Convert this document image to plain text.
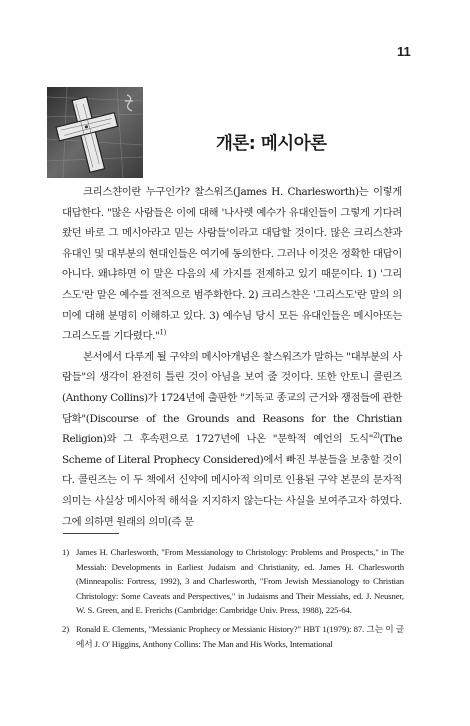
11
개론: 메시아론

크리스챤이란 누구인가? 찰스워즈(James H. Charlesworth)는 이렇게 대답한다. "많은 사람들은 이에 대해 '나사렛 예수가 유대인들이 그렇게 기다려 왔던 바로 그 메시아라고 믿는 사람들'이라고 대답할 것이다. 많은 크리스챤과 유대인 및 대부분의 현대인들은 여기에 동의한다. 그러나 이것은 정확한 대답이 아니다. 왜냐하면 이 말은 다음의 세 가지를 전제하고 있기 때문이다. 1) '그리스도'란 말은 예수를 전적으로 범주화한다. 2) 크리스챤은 '그리스도'란 말의 의미에 대해 분명히 이해하고 있다. 3) 예수님 당시 모든 유대인들은 메시아또는 그리스도를 기다렸다."$^{1)}$

본서에서 다루게 될 구약의 메시아개념은 찰스워즈가 말하는 "대부분의 사람들"의 생각이 완전히 틀린 것이 아님을 보여 줄 것이다. 또한 안토니 콜린즈(Anthony Collins)가 1724년에 출판한 "기독교 종교의 근거와 쟁점들에 관한 담화"(Discourse of the Grounds and Reasons for the Christian Religion)와 그 후속편으로 1727년에 나온 "문학적 예언의 도식"$^{2)}$(The Scheme of Literal Prophecy Considered)에서 빠진 부분들을 보충할 것이다. 콜린즈는 이 두 책에서 신약에 메시아적 의미로 인용된 구약 본문의 문자적 의미는 사실상 메시아적 해석을 지지하지 않는다는 사실을 보여주고자 하였다. 그에 의하면 원래의 의미(즉 문

1) James H. Charlesworth, "From Messianology to Christology: Problems and Prospects," in The Messiah: Developments in Earliest Judaism and Christianity, ed. James H. Charlesworth (Minneapolis: Fortress, 1992), 3 and Charlesworth, "From Jewish Messianology to Christian Christology: Some Caveats and Perspectives," in Judaisms and Their Messiahs, ed. J. Neusner, W. S. Green, and E. Frerichs (Cambridge: Cambridge Univ. Press, 1988), 225-64.
2) Ronald E. Clements, "Messianic Prophecy or Messianic History?" HBT 1(1979): 87. 그는 이 글에서 J. O' Higgins, Anthony Collins: The Man and His Works, International
